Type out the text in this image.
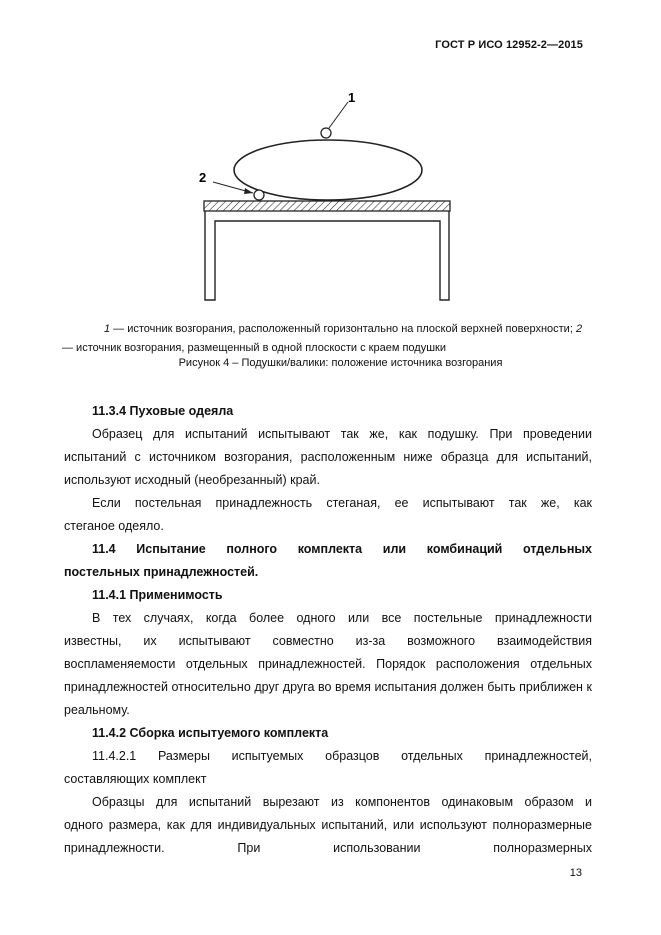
ГОСТ Р ИСО 12952-2—2015
1
2
1 — источник возгорания, расположенный горизонтально на плоской верхней поверхности; 2
— источник возгорания, размещенный в одной плоскости с краем подушки
Рисунок 4 – Подушки/валики: положение источника возгорания

11.3.4 Пуховые одеяла

Образец для испытаний испытывают так же, как подушку. При проведении

испытаний с источником возгорания, расположенным ниже образца для испытаний, используют исходный (необрезанный) край.

Если постельная принадлежность стеганая, ее испытывают так же, как

стеганое одеяло.

11.4 Испытание полного комплекта или комбинаций отдельных

постельных принадлежностей.

11.4.1 Применимость

В тех случаях, когда более одного или все постельные принадлежности

известны, их испытывают совместно из-за возможного взаимодействия воспламеняемости отдельных принадлежностей. Порядок расположения отдельных принадлежностей относительно друг друга во время испытания должен быть приближен к реальному.

11.4.2 Сборка испытуемого комплекта

11.4.2.1 Размеры испытуемых образцов отдельных принадлежностей,

составляющих комплект

Образцы для испытаний вырезают из компонентов одинаковым образом и

одного размера, как для индивидуальных испытаний, или используют полноразмерные принадлежности. При использовании полноразмерных

13
